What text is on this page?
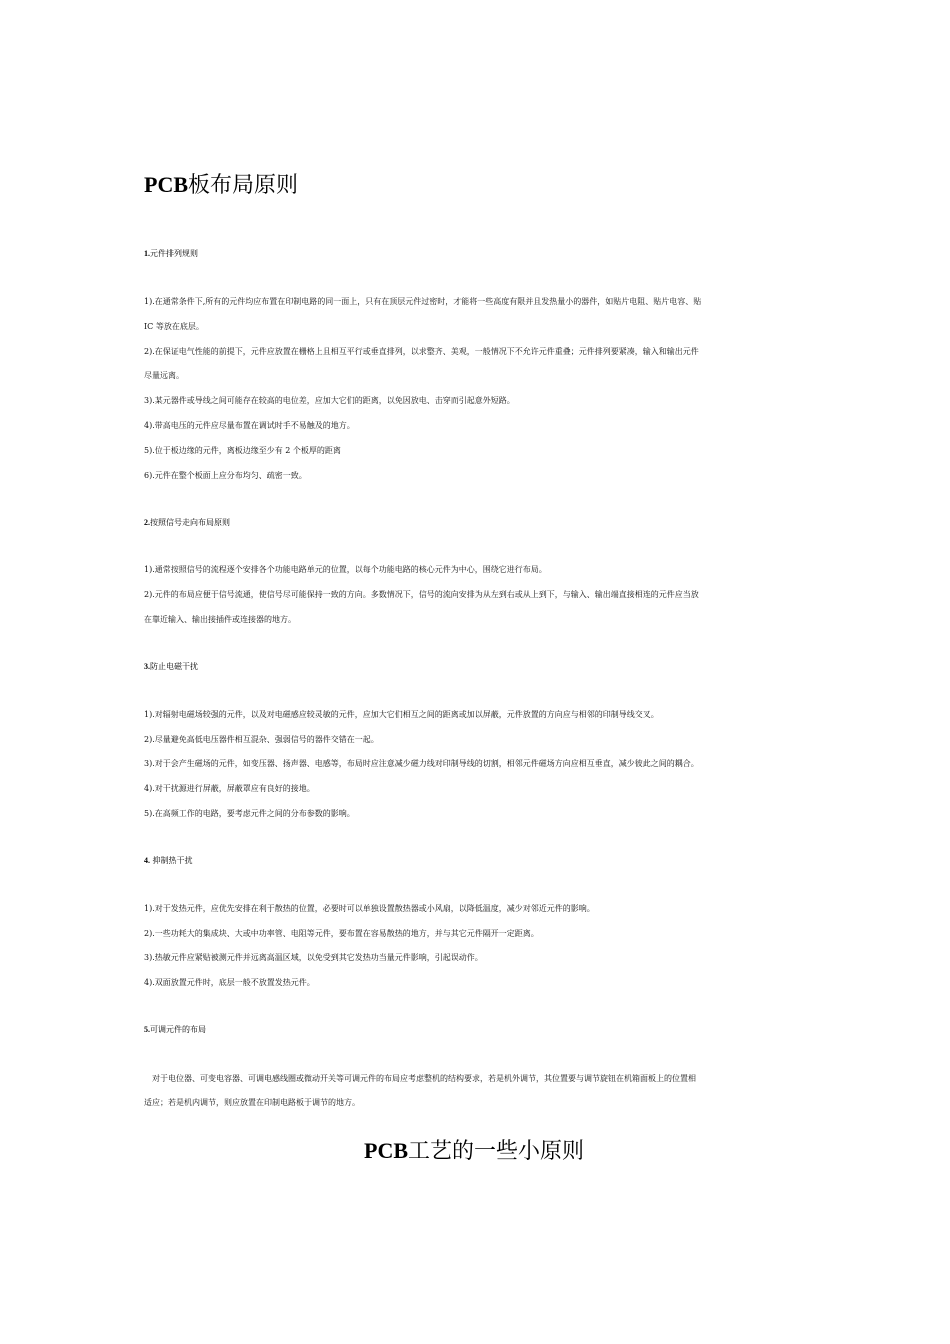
PCB板布局原则
1.元件排列规则
1).在通常条件下,所有的元件均应布置在印制电路的同一面上，只有在顶层元件过密时，才能将一些高度有限并且发热量小的器件，如贴片电阻、贴片电容、贴
IC 等放在底层。
2).在保证电气性能的前提下，元件应放置在栅格上且相互平行或垂直排列，以求整齐、美观，一般情况下不允许元件重叠；元件排列要紧凑，输入和输出元件
尽量远离。
3).某元器件或导线之间可能存在较高的电位差，应加大它们的距离，以免因放电、击穿而引起意外短路。
4).带高电压的元件应尽量布置在调试时手不易触及的地方。
5).位于板边缘的元件，离板边缘至少有 2 个板厚的距离
6).元件在整个板面上应分布均匀、疏密一致。
2.按照信号走向布局原则
1).通常按照信号的流程逐个安排各个功能电路单元的位置，以每个功能电路的核心元件为中心，围绕它进行布局。
2).元件的布局应便于信号流通，使信号尽可能保持一致的方向。多数情况下，信号的流向安排为从左到右或从上到下，与输入、输出端直接相连的元件应当放
在靠近输入、输出接插件或连接器的地方。
3.防止电磁干扰
1).对辐射电磁场较强的元件，以及对电磁感应较灵敏的元件，应加大它们相互之间的距离或加以屏蔽，元件放置的方向应与相邻的印制导线交叉。
2).尽量避免高低电压器件相互混杂、强弱信号的器件交错在一起。
3).对于会产生磁场的元件，如变压器、扬声器、电感等，布局时应注意减少磁力线对印制导线的切割，相邻元件磁场方向应相互垂直，减少彼此之间的耦合。
4).对干扰源进行屏蔽，屏蔽罩应有良好的接地。
5).在高频工作的电路，要考虑元件之间的分布参数的影响。
4. 抑制热干扰
1).对于发热元件，应优先安排在利于散热的位置，必要时可以单独设置散热器或小风扇，以降低温度，减少对邻近元件的影响。
2).一些功耗大的集成块、大或中功率管、电阻等元件，要布置在容易散热的地方，并与其它元件隔开一定距离。
3).热敏元件应紧贴被测元件并远离高温区域，以免受到其它发热功当量元件影响，引起误动作。
4).双面放置元件时，底层一般不放置发热元件。
5.可调元件的布局
对于电位器、可变电容器、可调电感线圈或微动开关等可调元件的布局应考虑整机的结构要求，若是机外调节，其位置要与调节旋钮在机箱面板上的位置相
适应；若是机内调节，则应放置在印制电路板于调节的地方。
PCB工艺的一些小原则
